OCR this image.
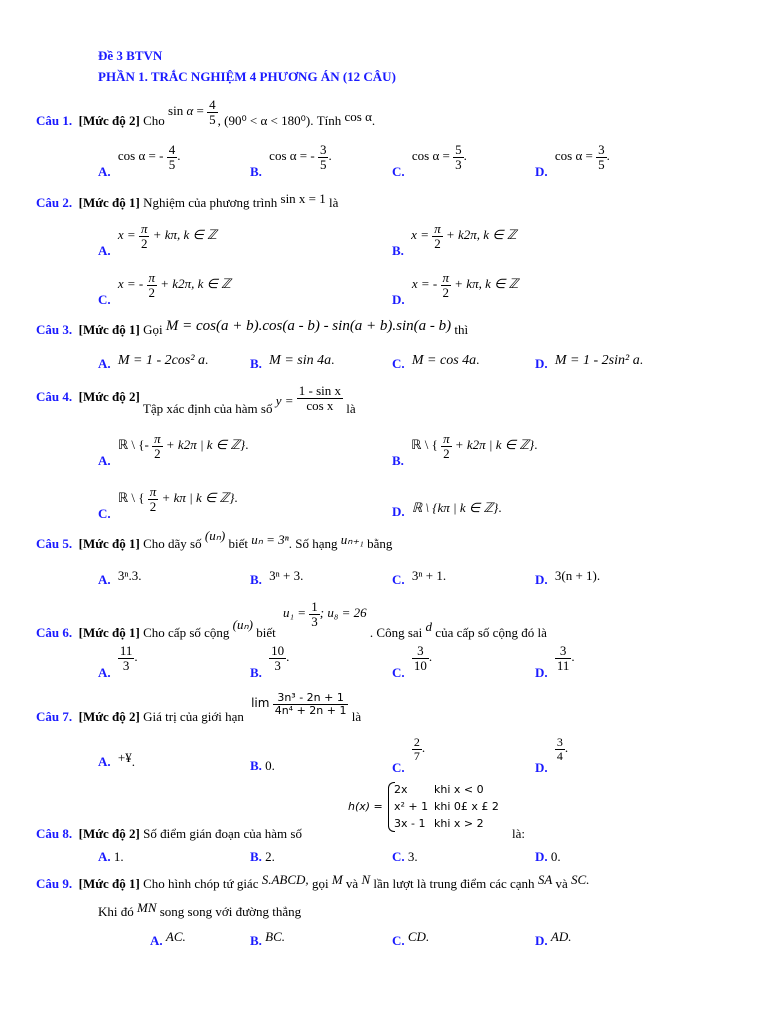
Đề 3 BTVN
PHẦN 1. TRẮC NGHIỆM 4 PHƯƠNG ÁN (12 CÂU)
Câu 1. [Mức độ 2] Cho $\sin \alpha = \frac{4}{5}$ , (90⁰ < α < 180⁰). Tính cos α.
A. cos α = - $\frac{4}{5}$ .
B. cos α = - $\frac{3}{5}$ .
C. $\cos \alpha = \frac{5}{3}$ .
D. $\cos \alpha = \frac{3}{5}$ .
Câu 2. [Mức độ 1] Nghiệm của phương trình sin x = 1 là
A. $x = \frac{\pi}{2} + k\pi$, k ∈ ℤ
B. $x = \frac{\pi}{2} + k2\pi$, k ∈ ℤ
C. x = - $\frac{\pi}{2} + k2\pi$, k ∈ ℤ
D. x = - $\frac{\pi}{2} + k\pi$, k ∈ ℤ
Câu 3. [Mức độ 1] Gọi M = cos(a + b).cos(a - b) - sin(a + b).sin(a - b) thì
A. M = 1 - 2cos² a.	B. M = sin 4a.	C. M = cos 4a.	D. M = 1 - 2sin² a.
Câu 4. [Mức độ 2] Tập xác định của hàm số $y = \frac{\text{1 - sin x}}{\text{cos x}}$ là
A. ℝ \ {- $\frac{\pi}{2} + k2\pi$ | k ∈ ℤ}.
B. ℝ \ { $\frac{\pi}{2} + k2\pi$ | k ∈ ℤ}.
C. ℝ \ { $\frac{\pi}{2} + k\pi$ | k ∈ ℤ}.
D. ℝ \ {kπ | k ∈ ℤ}.
Câu 5. [Mức độ 1] Cho dãy số (uₙ) biết uₙ = 3ⁿ. Số hạng uₙ₊₁ bằng
A. 3ⁿ.3.	B. 3ⁿ + 3.	C. 3ⁿ + 1.	D. 3(n + 1).
Câu 6. [Mức độ 1] Cho cấp số cộng (uₙ) biết $u_1 = \frac{1}{3}$ ; u₈ = 26 . Công sai d của cấp số cộng đó là
A.
$\frac{11}{3}$ .
B.
$\frac{10}{3}$ .
C.
$\frac{3}{10}$ .
D.
$\frac{3}{11}$ .
Câu 7. [Mức độ 2] Giá trị của giới hạn $\lim \frac{\text{3n³ - 2n + 1}}{\text{4n⁴ + 2n + 1}}$
là
A. +¥.	B. 0.	C.
$\frac{2}{7}$ .
D.
$\frac{3}{4}$ .
h(x) =
2x khi x < 0
x² + 1 khi 0£ x £ 2
3x - 1 khi x > 2
Câu 8. [Mức độ 2] Số điểm gián đoạn của hàm số	là:
A. 1.	B. 2.	C. 3.	D. 0.
Câu 9. [Mức độ 1] Cho hình chóp tứ giác S.ABCD, gọi M và N lần lượt là trung điểm các cạnh SA và SC.
Khi đó MN song song với đường thẳng
A. AC.	B. BC.	C. CD.	D. AD.
